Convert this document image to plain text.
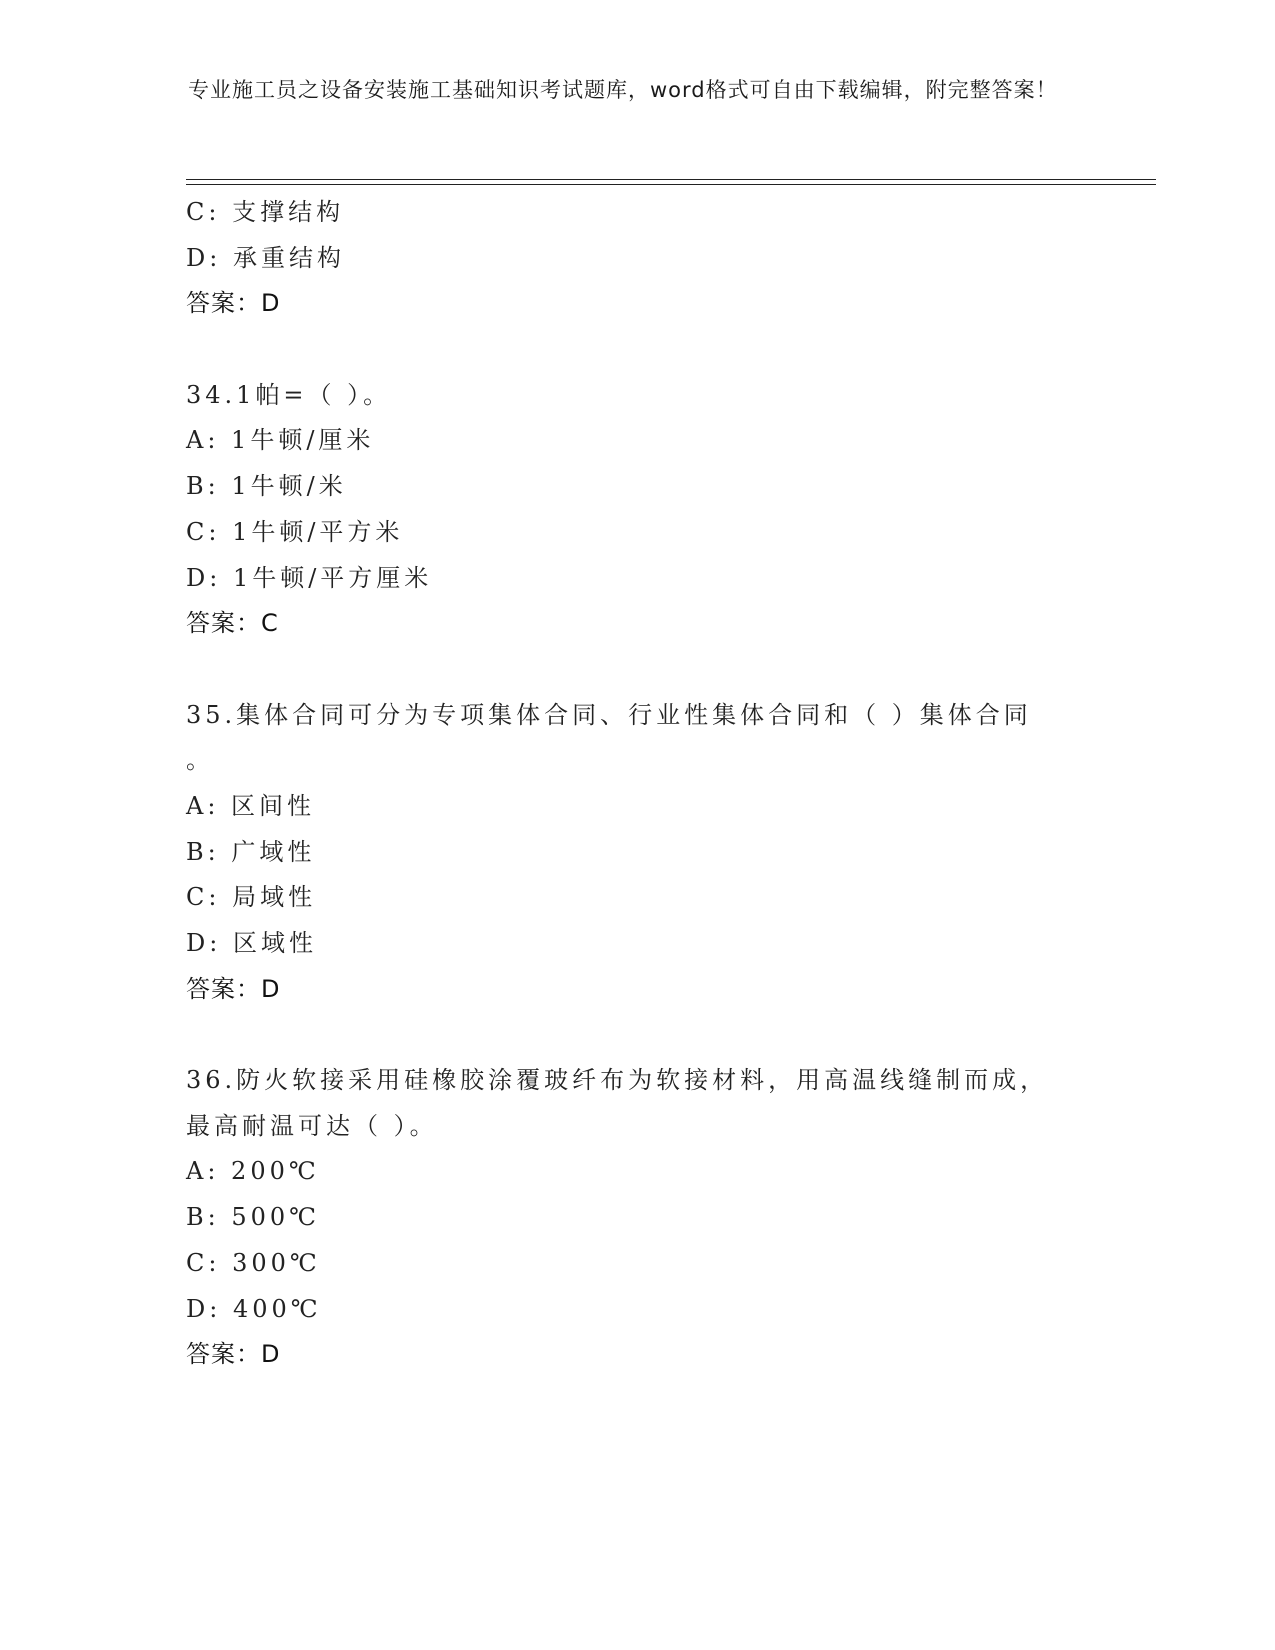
专业施工员之设备安装施工基础知识考试题库，word格式可自由下载编辑，附完整答案！
C: 支撑结构
D: 承重结构
答案：D
34.1帕=（ ）。
A: 1牛顿/厘米
B: 1牛顿/米
C: 1牛顿/平方米
D: 1牛顿/平方厘米
答案：C
35.集体合同可分为专项集体合同、行业性集体合同和（ ）集体合同
。
A: 区间性
B: 广域性
C: 局域性
D: 区域性
答案：D
36.防火软接采用硅橡胶涂覆玻纤布为软接材料，用高温线缝制而成，
最高耐温可达（ ）。
A: 200℃
B: 500℃
C: 300℃
D: 400℃
答案：D
